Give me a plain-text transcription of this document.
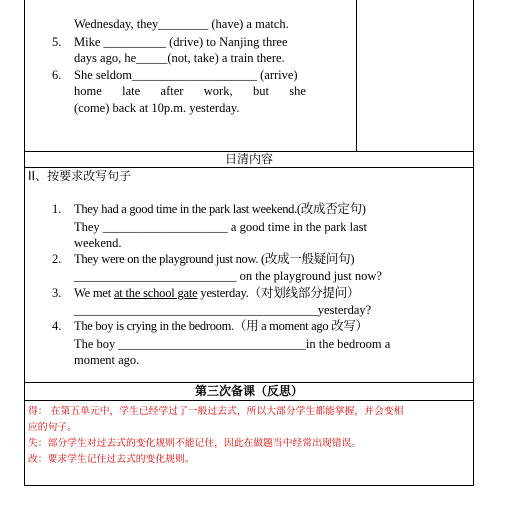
Wednesday, they________ (have) a match.
5. Mike __________ (drive) to Nanjing three
days ago, he_____(not, take) a train there.
6. She seldom____________________ (arrive)
home late after work, but she
(come) back at 10p.m. yesterday.
日清内容
II、按要求改写句子
1. They had a good time in the park last weekend.(改成否定句)
They ____________________ a good time in the park last
weekend.
2. They were on the playground just now. (改成一般疑问句)
__________________________ on the playground just now?
3. We met at the school gate yesterday.（对划线部分提问）
_______________________________________yesterday?
4. The boy is crying in the bedroom.（用 a moment ago 改写）
The boy ______________________________in the bedroom a
moment ago.
第三次备课（反思）
得： 在第五单元中，学生已经学过了一般过去式，所以大部分学生都能掌握，并会变相
应的句子。
失：部分学生对过去式的变化规则不能记住，因此在做题当中经常出现错误。
改：要求学生记住过去式的变化规则。
